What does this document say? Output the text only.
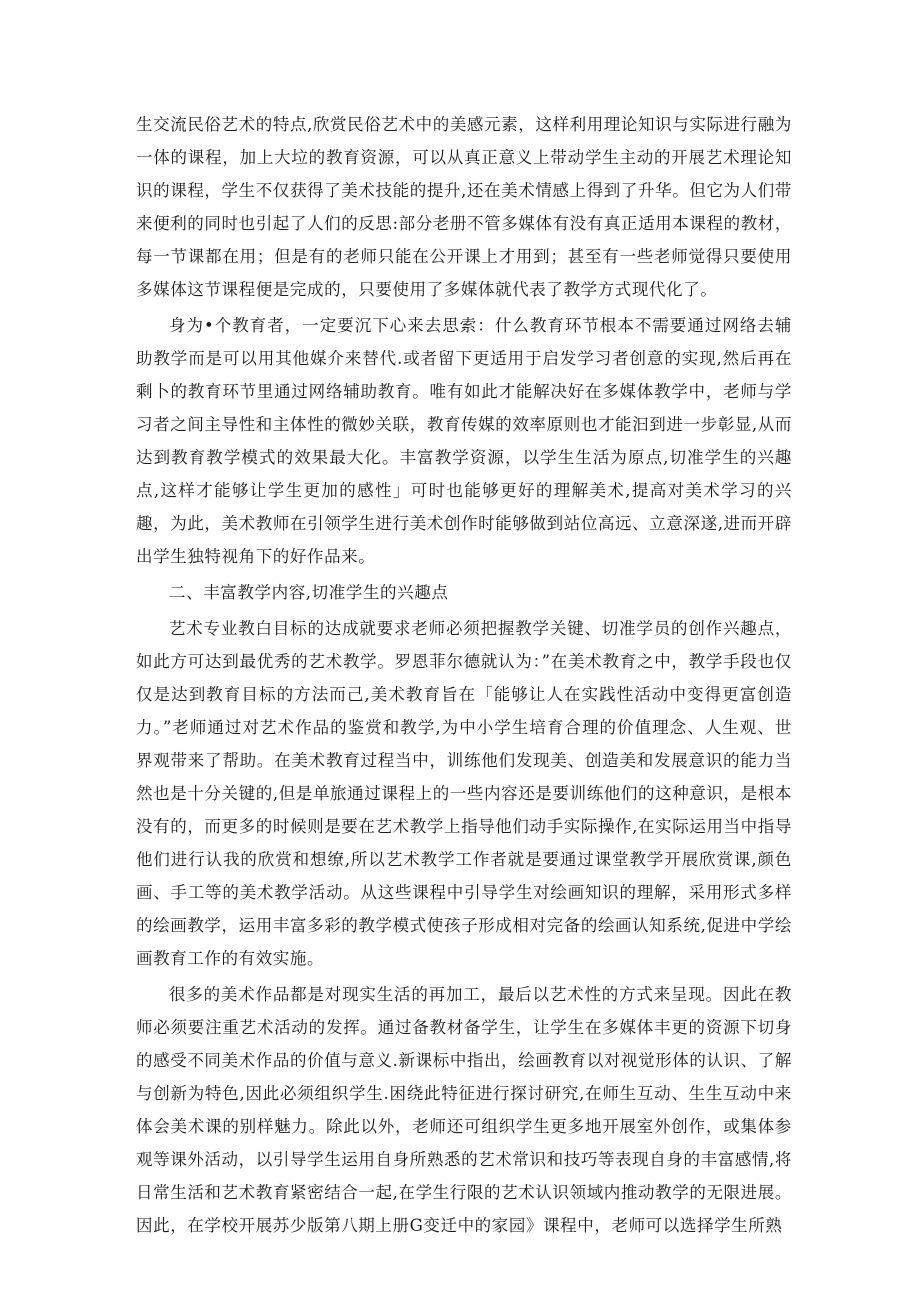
生交流民俗艺术的特点,欣赏民俗艺术中的美感元素，这样利用理论知识与实际进行融为一体的课程，加上大垃的教育资源，可以从真正意义上带动学生主动的开展艺术理论知识的课程，学生不仅获得了美术技能的提升,还在美术情感上得到了升华。但它为人们带来便利的同时也引起了人们的反思:部分老册不管多媒体有没有真正适用本课程的教材，每一节课都在用；但是有的老师只能在公开课上才用到；甚至有一些老师觉得只要使用多媒体这节课程便是完成的，只要使用了多媒体就代表了教学方式现代化了。

身为•个教育者，一定要沉下心来去思索：什么教育环节根本不需要通过网络去辅助教学而是可以用其他媒介来替代.或者留下更适用于启发学习者创意的实现,然后再在剩卜的教育环节里通过网络辅助教育。唯有如此才能解决好在多媒体教学中，老师与学习者之间主导性和主体性的微妙关联，教育传媒的效率原则也才能汩到进一步彰显,从而达到教育教学模式的效果最大化。丰富教学资源，以学生生活为原点,切准学生的兴趣点,这样才能够让学生更加的感性」可时也能够更好的理解美术,提高对美术学习的兴趣，为此，美术教师在引领学生进行美术创作时能够做到站位高远、立意深遂,进而开辟出学生独特视角下的好作品来。

二、丰富教学内容,切准学生的兴趣点

艺术专业教白目标的达成就要求老师必须把握教学关键、切准学员的创作兴趣点，如此方可达到最优秀的艺术教学。罗恩菲尔德就认为：”在美术教育之中，教学手段也仅仅是达到教育目标的方法而己,美术教育旨在「能够让人在实践性活动中变得更富创造力。”老师通过对艺术作品的鉴赏和教学,为中小学生培育合理的价值理念、人生观、世界观带来了帮助。在美术教育过程当中，训练他们发现美、创造美和发展意识的能力当然也是十分关键的,但是单旅通过课程上的一些内容还是要训练他们的这种意识，是根本没有的，而更多的时候则是要在艺术教学上指导他们动手实际操作,在实际运用当中指导他们进行认我的欣赏和想缭,所以艺术教学工作者就是要通过课堂教学开展欣赏课,颜色画、手工等的美术教学活动。从这些课程中引导学生对绘画知识的理解，采用形式多样的绘画教学，运用丰富多彩的教学模式使孩子形成相对完备的绘画认知系统,促进中学绘画教育工作的有效实施。

很多的美术作品都是对现实生活的再加工，最后以艺术性的方式来呈现。因此在教师必须要注重艺术活动的发挥。通过备教材备学生，让学生在多媒体丰更的资源下切身的感受不同美术作品的价值与意义.新课标中指出，绘画教育以对视觉形体的认识、了解与创新为特色,因此必须组织学生.困绕此特征进行探讨研究,在师生互动、生生互动中来体会美术课的别样魅力。除此以外，老师还可组织学生更多地开展室外创作，或集体参观等课外活动，以引导学生运用自身所熟悉的艺术常识和技巧等表现自身的丰富感情,将日常生活和艺术教育紧密结合一起,在学生行限的艺术认识领域内推动教学的无限进展。因此，在学校开展苏少版第八期上册G变迁中的家园》课程中，老师可以选择学生所熟
